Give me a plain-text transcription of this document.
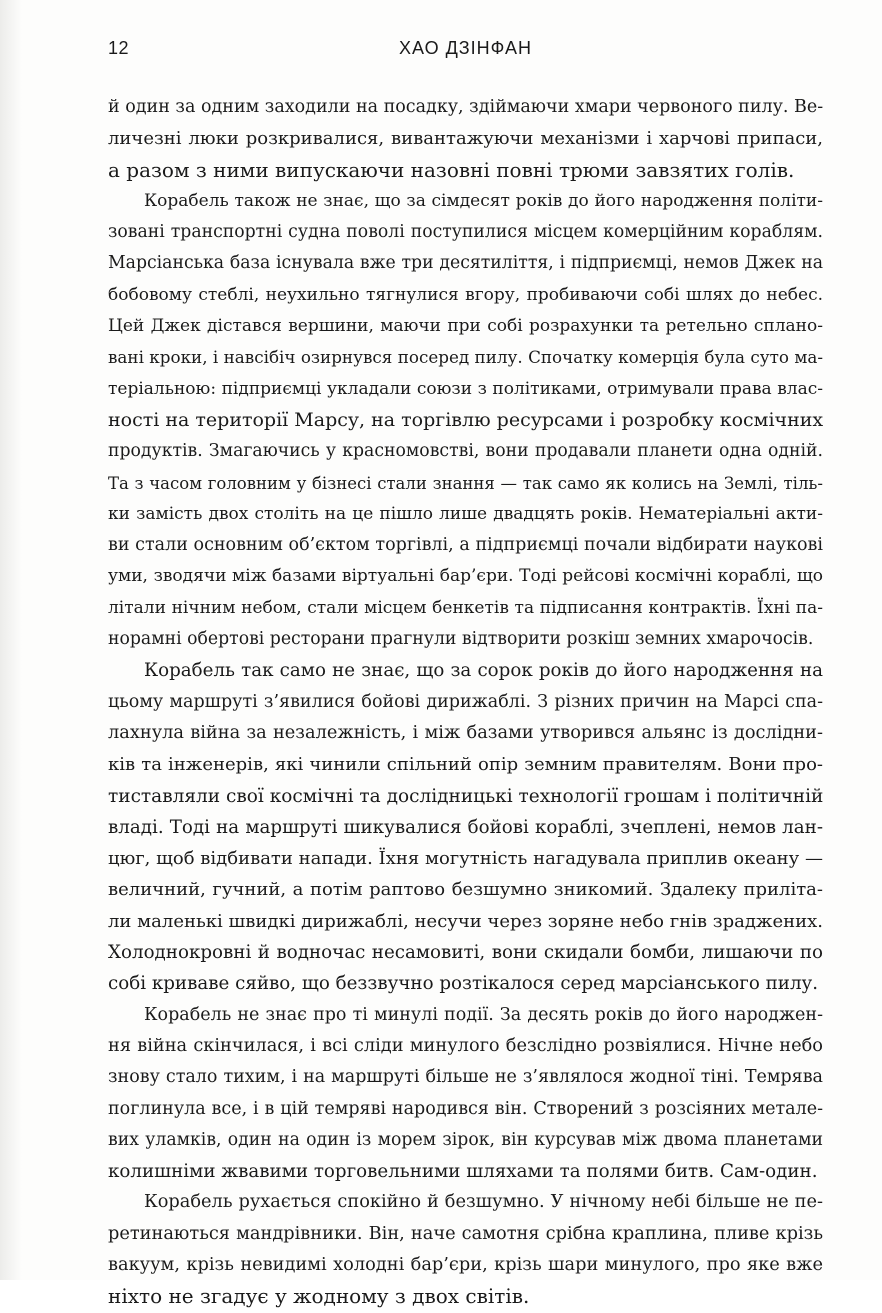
12	ХАО ДЗІНФАН
й один за одним заходили на посадку, здіймаючи хмари червоного пилу. Ве-
личезні люки розкривалися, вивантажуючи механізми і харчові припаси,
а разом з ними випускаючи назовні повні трюми завзятих голів.
Корабель також не знає, що за сімдесят років до його народження політи-
зовані транспортні судна поволі поступилися місцем комерційним кораблям.
Марсіанська база існувала вже три десятиліття, і підприємці, немов Джек на
бобовому стеблі, неухильно тягнулися вгору, пробиваючи собі шлях до небес.
Цей Джек дістався вершини, маючи при собі розрахунки та ретельно сплано-
вані кроки, і навсібіч озирнувся посеред пилу. Спочатку комерція була суто ма-
теріальною: підприємці укладали союзи з політиками, отримували права влас-
ності на території Марсу, на торгівлю ресурсами і розробку космічних
продуктів. Змагаючись у красномовстві, вони продавали планети одна одній.
Та з часом головним у бізнесі стали знання — так само як колись на Землі, тіль-
ки замість двох століть на це пішло лише двадцять років. Нематеріальні акти-
ви стали основним об’єктом торгівлі, а підприємці почали відбирати наукові
уми, зводячи між базами віртуальні бар’єри. Тоді рейсові космічні кораблі, що
літали нічним небом, стали місцем бенкетів та підписання контрактів. Їхні па-
норамні обертові ресторани прагнули відтворити розкіш земних хмарочосів.
Корабель так само не знає, що за сорок років до його народження на
цьому маршруті з’явилися бойові дирижаблі. З різних причин на Марсі спа-
лахнула війна за незалежність, і між базами утворився альянс із дослідни-
ків та інженерів, які чинили спільний опір земним правителям. Вони про-
тиставляли свої космічні та дослідницькі технології грошам і політичній
владі. Тоді на маршруті шикувалися бойові кораблі, зчеплені, немов лан-
цюг, щоб відбивати напади. Їхня могутність нагадувала приплив океану —
величний, гучний, а потім раптово безшумно зникомий. Здалеку приліта-
ли маленькі швидкі дирижаблі, несучи через зоряне небо гнів зраджених.
Холоднокровні й водночас несамовиті, вони скидали бомби, лишаючи по
собі криваве сяйво, що беззвучно розтікалося серед марсіанського пилу.
Корабель не знає про ті минулі події. За десять років до його народжен-
ня війна скінчилася, і всі сліди минулого безслідно розвіялися. Нічне небо
знову стало тихим, і на маршруті більше не з’являлося жодної тіні. Темрява
поглинула все, і в цій темряві народився він. Створений з розсіяних метале-
вих уламків, один на один із морем зірок, він курсував між двома планетами
колишніми жвавими торговельними шляхами та полями битв. Сам-один.
Корабель рухається спокійно й безшумно. У нічному небі більше не пе-
ретинаються мандрівники. Він, наче самотня срібна краплина, пливе крізь
вакуум, крізь невидимі холодні бар’єри, крізь шари минулого, про яке вже
ніхто не згадує у жодному з двох світів.
